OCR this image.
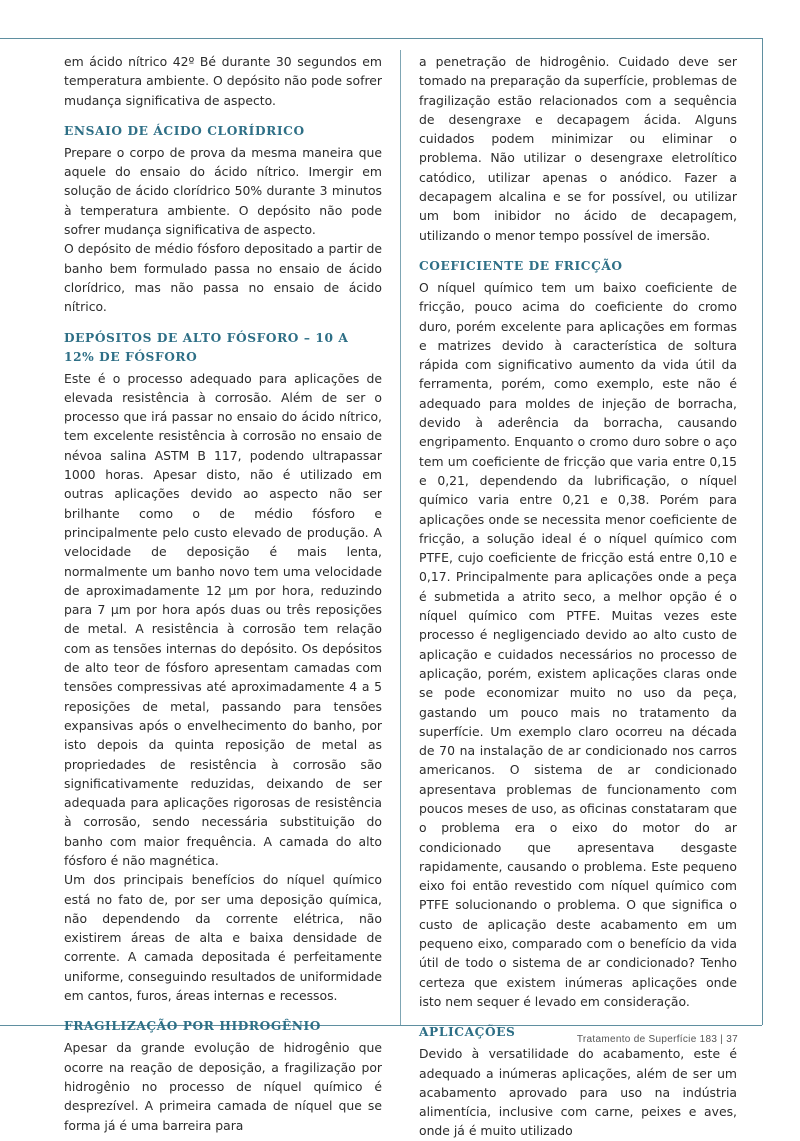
em ácido nítrico 42º Bé durante 30 segundos em temperatura ambiente. O depósito não pode sofrer mudança significativa de aspecto.

ENSAIO DE ÁCIDO CLORÍDRICO

Prepare o corpo de prova da mesma maneira que aquele do ensaio do ácido nítrico. Imergir em solução de ácido clorídrico 50% durante 3 minutos à temperatura ambiente. O depósito não pode sofrer mudança significativa de aspecto.

O depósito de médio fósforo depositado a partir de banho bem formulado passa no ensaio de ácido clorídrico, mas não passa no ensaio de ácido nítrico.

DEPÓSITOS DE ALTO FÓSFORO – 10 A 12% DE FÓSFORO

Este é o processo adequado para aplicações de elevada resistência à corrosão. Além de ser o processo que irá passar no ensaio do ácido nítrico, tem excelente resistência à corrosão no ensaio de névoa salina ASTM B 117, podendo ultrapassar 1000 horas. Apesar disto, não é utilizado em outras aplicações devido ao aspecto não ser brilhante como o de médio fósforo e principalmente pelo custo elevado de produção. A velocidade de deposição é mais lenta, normalmente um banho novo tem uma velocidade de aproximadamente 12 µm por hora, reduzindo para 7 µm por hora após duas ou três reposições de metal. A resistência à corrosão tem relação com as tensões internas do depósito. Os depósitos de alto teor de fósforo apresentam camadas com tensões compressivas até aproximadamente 4 a 5 reposições de metal, passando para tensões expansivas após o envelhecimento do banho, por isto depois da quinta reposição de metal as propriedades de resistência à corrosão são significativamente reduzidas, deixando de ser adequada para aplicações rigorosas de resistência à corrosão, sendo necessária substituição do banho com maior frequência. A camada do alto fósforo é não magnética.

Um dos principais benefícios do níquel químico está no fato de, por ser uma deposição química, não dependendo da corrente elétrica, não existirem áreas de alta e baixa densidade de corrente. A camada depositada é perfeitamente uniforme, conseguindo resultados de uniformidade em cantos, furos, áreas internas e recessos.

FRAGILIZAÇÃO POR HIDROGÊNIO

Apesar da grande evolução de hidrogênio que ocorre na reação de deposição, a fragilização por hidrogênio no processo de níquel químico é desprezível. A primeira camada de níquel que se forma já é uma barreira para

a penetração de hidrogênio. Cuidado deve ser tomado na preparação da superfície, problemas de fragilização estão relacionados com a sequência de desengraxe e decapagem ácida. Alguns cuidados podem minimizar ou eliminar o problema. Não utilizar o desengraxe eletrolítico catódico, utilizar apenas o anódico. Fazer a decapagem alcalina e se for possível, ou utilizar um bom inibidor no ácido de decapagem, utilizando o menor tempo possível de imersão.

COEFICIENTE DE FRICÇÃO

O níquel químico tem um baixo coeficiente de fricção, pouco acima do coeficiente do cromo duro, porém excelente para aplicações em formas e matrizes devido à característica de soltura rápida com significativo aumento da vida útil da ferramenta, porém, como exemplo, este não é adequado para moldes de injeção de borracha, devido à aderência da borracha, causando engripamento. Enquanto o cromo duro sobre o aço tem um coeficiente de fricção que varia entre 0,15 e 0,21, dependendo da lubrificação, o níquel químico varia entre 0,21 e 0,38. Porém para aplicações onde se necessita menor coeficiente de fricção, a solução ideal é o níquel químico com PTFE, cujo coeficiente de fricção está entre 0,10 e 0,17. Principalmente para aplicações onde a peça é submetida a atrito seco, a melhor opção é o níquel químico com PTFE. Muitas vezes este processo é negligenciado devido ao alto custo de aplicação e cuidados necessários no processo de aplicação, porém, existem aplicações claras onde se pode economizar muito no uso da peça, gastando um pouco mais no tratamento da superfície. Um exemplo claro ocorreu na década de 70 na instalação de ar condicionado nos carros americanos. O sistema de ar condicionado apresentava problemas de funcionamento com poucos meses de uso, as oficinas constataram que o problema era o eixo do motor do ar condicionado que apresentava desgaste rapidamente, causando o problema. Este pequeno eixo foi então revestido com níquel químico com PTFE solucionando o problema. O que significa o custo de aplicação deste acabamento em um pequeno eixo, comparado com o benefício da vida útil de todo o sistema de ar condicionado? Tenho certeza que existem inúmeras aplicações onde isto nem sequer é levado em consideração.

APLICAÇÕES

Devido à versatilidade do acabamento, este é adequado a inúmeras aplicações, além de ser um acabamento aprovado para uso na indústria alimentícia, inclusive com carne, peixes e aves, onde já é muito utilizado

Tratamento de Superfície 183 | 37
